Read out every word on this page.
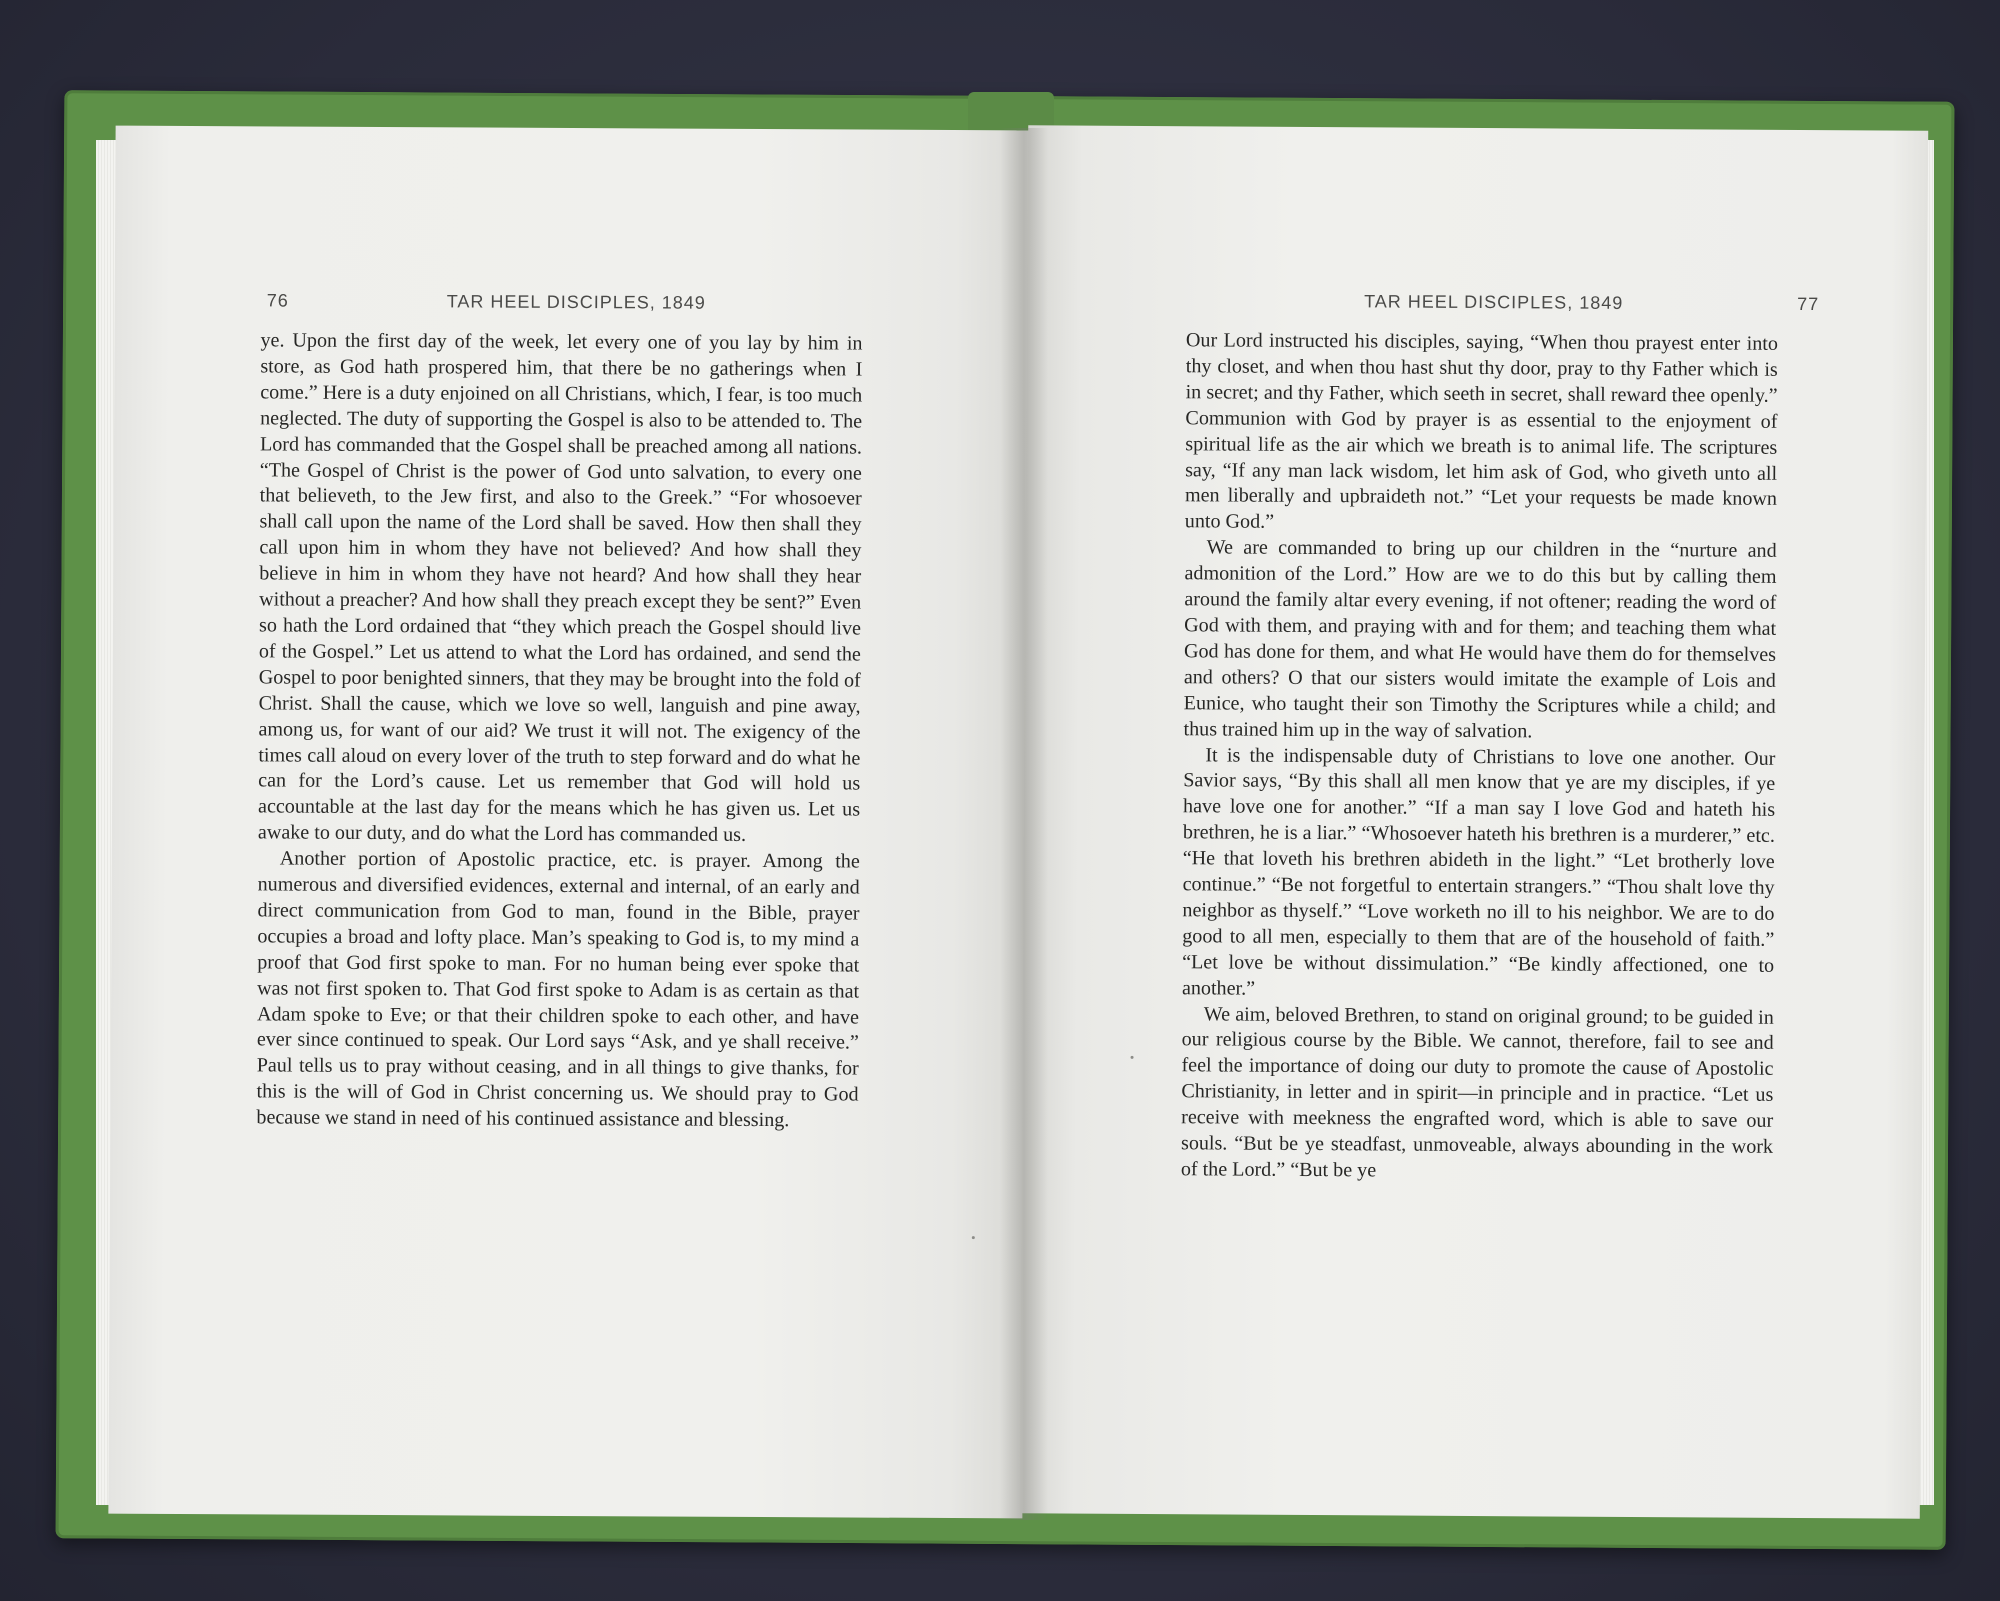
76	TAR HEEL DISCIPLES, 1849

ye. Upon the first day of the week, let every one of you lay by him in store, as God hath prospered him, that there be no gatherings when I come.” Here is a duty enjoined on all Christians, which, I fear, is too much neglected. The duty of supporting the Gospel is also to be attended to. The Lord has commanded that the Gospel shall be preached among all nations. “The Gospel of Christ is the power of God unto salvation, to every one that believeth, to the Jew first, and also to the Greek.” “For whosoever shall call upon the name of the Lord shall be saved. How then shall they call upon him in whom they have not believed? And how shall they believe in him in whom they have not heard? And how shall they hear without a preacher? And how shall they preach except they be sent?” Even so hath the Lord ordained that “they which preach the Gospel should live of the Gospel.” Let us attend to what the Lord has ordained, and send the Gospel to poor benighted sinners, that they may be brought into the fold of Christ. Shall the cause, which we love so well, languish and pine away, among us, for want of our aid? We trust it will not. The exigency of the times call aloud on every lover of the truth to step forward and do what he can for the Lord’s cause. Let us remember that God will hold us accountable at the last day for the means which he has given us. Let us awake to our duty, and do what the Lord has commanded us.

Another portion of Apostolic practice, etc. is prayer. Among the numerous and diversified evidences, external and internal, of an early and direct communication from God to man, found in the Bible, prayer occupies a broad and lofty place. Man’s speaking to God is, to my mind a proof that God first spoke to man. For no human being ever spoke that was not first spoken to. That God first spoke to Adam is as certain as that Adam spoke to Eve; or that their children spoke to each other, and have ever since continued to speak. Our Lord says “Ask, and ye shall receive.” Paul tells us to pray without ceasing, and in all things to give thanks, for this is the will of God in Christ concerning us. We should pray to God because we stand in need of his continued assistance and blessing.

TAR HEEL DISCIPLES, 1849	77

Our Lord instructed his disciples, saying, “When thou prayest enter into thy closet, and when thou hast shut thy door, pray to thy Father which is in secret; and thy Father, which seeth in secret, shall reward thee openly.” Communion with God by prayer is as essential to the enjoyment of spiritual life as the air which we breath is to animal life. The scriptures say, “If any man lack wisdom, let him ask of God, who giveth unto all men liberally and upbraideth not.” “Let your requests be made known unto God.”

We are commanded to bring up our children in the “nurture and admonition of the Lord.” How are we to do this but by calling them around the family altar every evening, if not oftener; reading the word of God with them, and praying with and for them; and teaching them what God has done for them, and what He would have them do for themselves and others? O that our sisters would imitate the example of Lois and Eunice, who taught their son Timothy the Scriptures while a child; and thus trained him up in the way of salvation.

It is the indispensable duty of Christians to love one another. Our Savior says, “By this shall all men know that ye are my disciples, if ye have love one for another.” “If a man say I love God and hateth his brethren, he is a liar.” “Whosoever hateth his brethren is a murderer,” etc. “He that loveth his brethren abideth in the light.” “Let brotherly love continue.” “Be not forgetful to entertain strangers.” “Thou shalt love thy neighbor as thyself.” “Love worketh no ill to his neighbor. We are to do good to all men, especially to them that are of the household of faith.” “Let love be without dissimulation.” “Be kindly affectioned, one to another.”

We aim, beloved Brethren, to stand on original ground; to be guided in our religious course by the Bible. We cannot, therefore, fail to see and feel the importance of doing our duty to promote the cause of Apostolic Christianity, in letter and in spirit—in principle and in practice. “Let us receive with meekness the engrafted word, which is able to save our souls. “But be ye steadfast, unmoveable, always abounding in the work of the Lord.” “But be ye
